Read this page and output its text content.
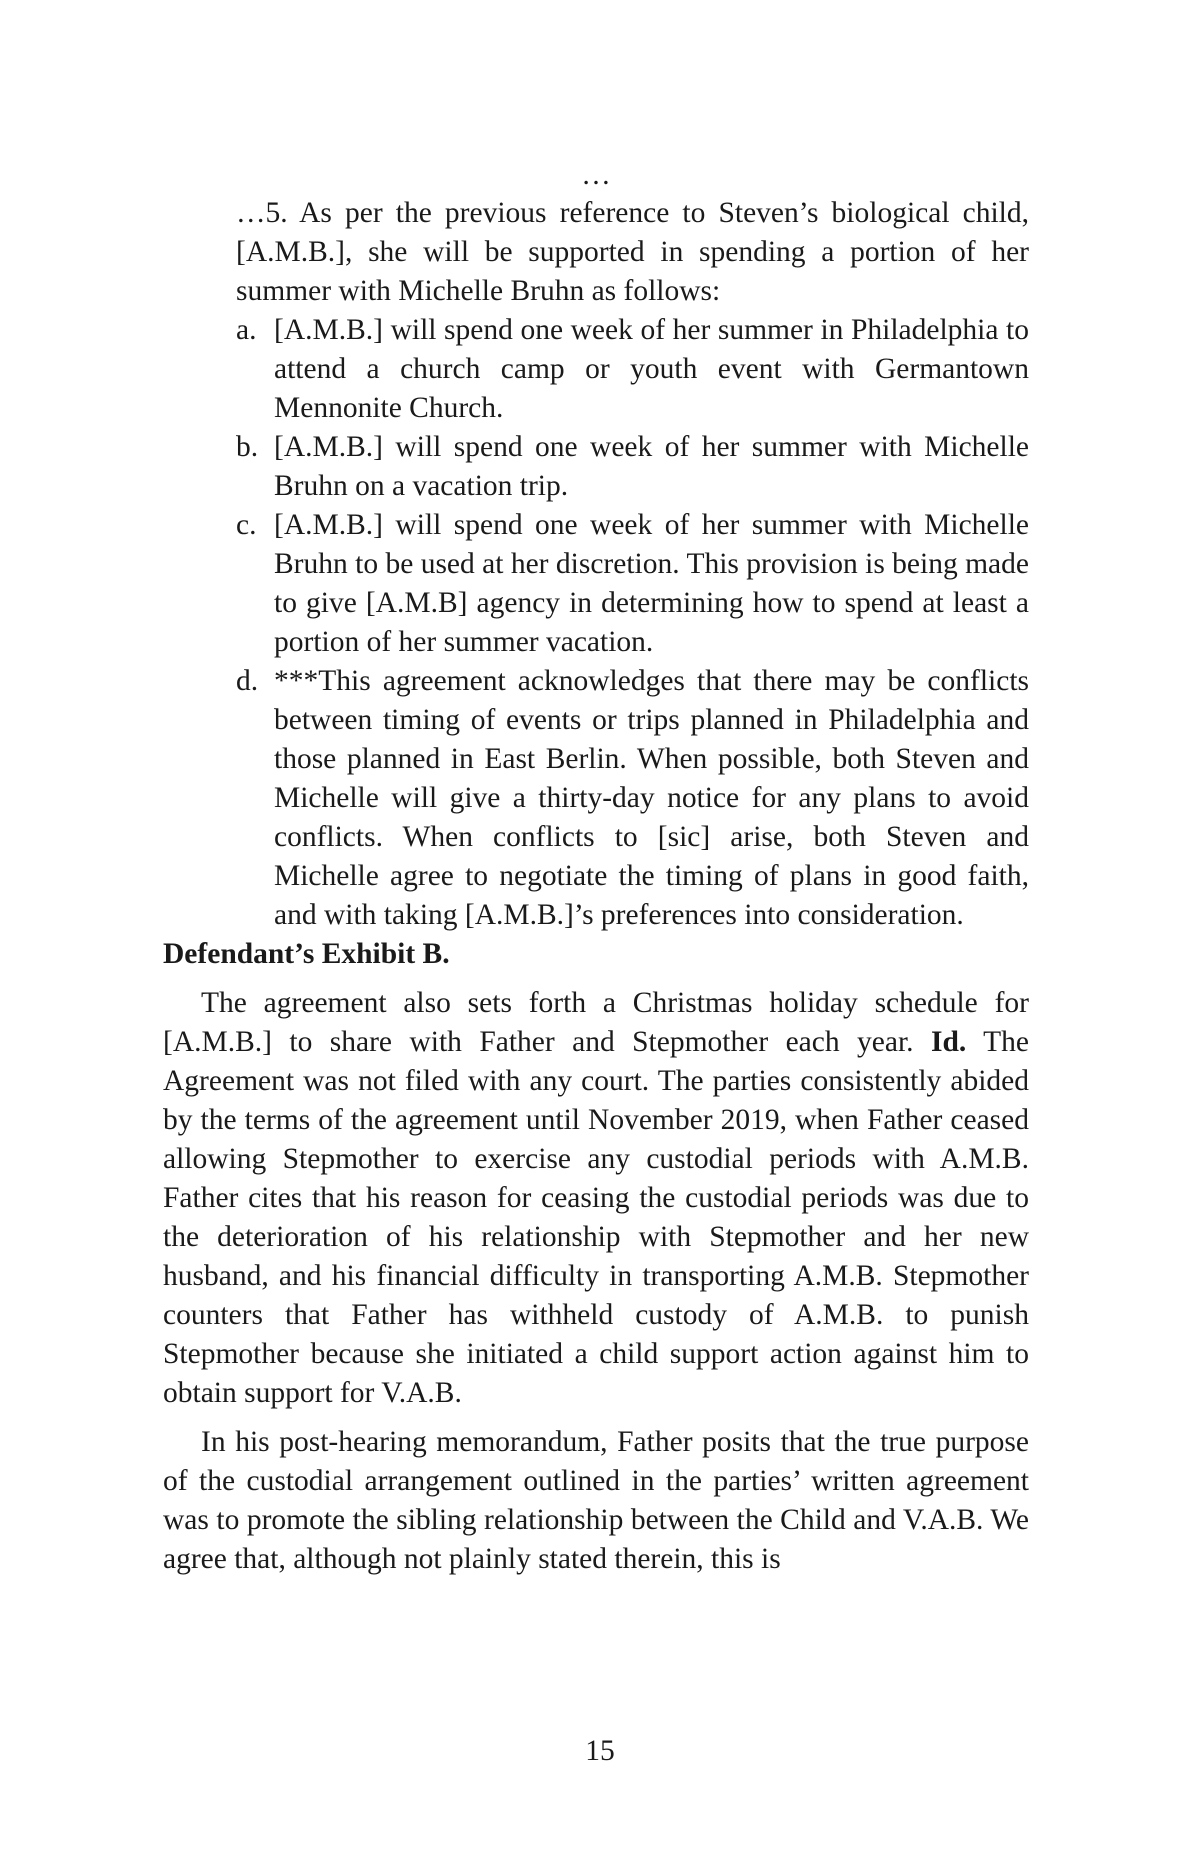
…

…5. As per the previous reference to Steven’s biological child, [A.M.B.], she will be supported in spending a portion of her summer with Michelle Bruhn as follows:

a. [A.M.B.] will spend one week of her summer in Philadelphia to attend a church camp or youth event with Germantown Mennonite Church.
b. [A.M.B.] will spend one week of her summer with Michelle Bruhn on a vacation trip.
c. [A.M.B.] will spend one week of her summer with Michelle Bruhn to be used at her discretion. This provision is being made to give [A.M.B] agency in determining how to spend at least a portion of her summer vacation.
d. ***This agreement acknowledges that there may be conflicts between timing of events or trips planned in Philadelphia and those planned in East Berlin. When possible, both Steven and Michelle will give a thirty-day notice for any plans to avoid conflicts. When conflicts to [sic] arise, both Steven and Michelle agree to negotiate the timing of plans in good faith, and with taking [A.M.B.]’s preferences into consideration.
Defendant’s Exhibit B.

The agreement also sets forth a Christmas holiday schedule for [A.M.B.] to share with Father and Stepmother each year. Id. The Agreement was not filed with any court. The parties consistently abided by the terms of the agreement until November 2019, when Father ceased allowing Stepmother to exercise any custodial periods with A.M.B. Father cites that his reason for ceasing the custodial periods was due to the deterioration of his relationship with Stepmother and her new husband, and his financial difficulty in transporting A.M.B. Stepmother counters that Father has withheld custody of A.M.B. to punish Stepmother because she initiated a child support action against him to obtain support for V.A.B.

In his post-hearing memorandum, Father posits that the true purpose of the custodial arrangement outlined in the parties’ written agreement was to promote the sibling relationship between the Child and V.A.B. We agree that, although not plainly stated therein, this is

15
